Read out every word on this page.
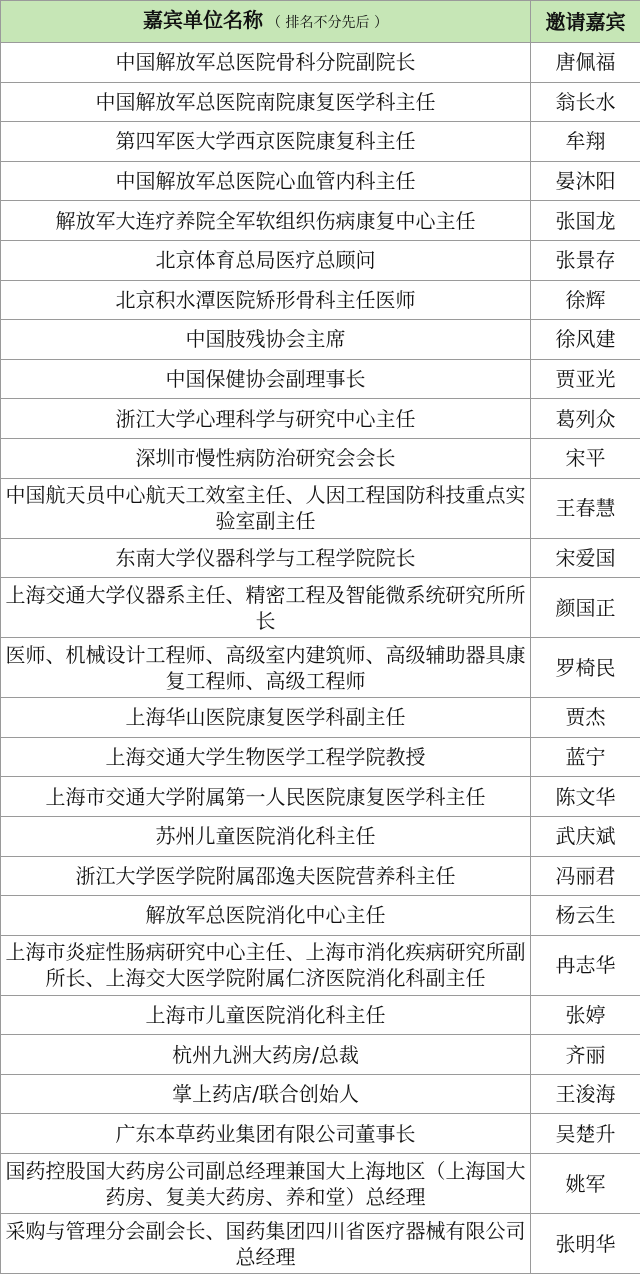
嘉宾单位名称 （ 排名不分先后 ）	邀请嘉宾
中国解放军总医院骨科分院副院长	唐佩福
中国解放军总医院南院康复医学科主任	翁长水
第四军医大学西京医院康复科主任	牟翔
中国解放军总医院心血管内科主任	晏沐阳
解放军大连疗养院全军软组织伤病康复中心主任	张国龙
北京体育总局医疗总顾问	张景存
北京积水潭医院矫形骨科主任医师	徐辉
中国肢残协会主席	徐风建
中国保健协会副理事长	贾亚光
浙江大学心理科学与研究中心主任	葛列众
深圳市慢性病防治研究会会长	宋平
中国航天员中心航天工效室主任、人因工程国防科技重点实验室副主任	王春慧
东南大学仪器科学与工程学院院长	宋爱国
上海交通大学仪器系主任、精密工程及智能微系统研究所所长	颜国正
医师、机械设计工程师、高级室内建筑师、高级辅助器具康复工程师、高级工程师	罗椅民
上海华山医院康复医学科副主任	贾杰
上海交通大学生物医学工程学院教授	蓝宁
上海市交通大学附属第一人民医院康复医学科主任	陈文华
苏州儿童医院消化科主任	武庆斌
浙江大学医学院附属邵逸夫医院营养科主任	冯丽君
解放军总医院消化中心主任	杨云生
上海市炎症性肠病研究中心主任、上海市消化疾病研究所副所长、上海交大医学院附属仁济医院消化科副主任	冉志华
上海市儿童医院消化科主任	张婷
杭州九洲大药房/总裁	齐丽
掌上药店/联合创始人	王浚海
广东本草药业集团有限公司董事长	吴楚升
国药控股国大药房公司副总经理兼国大上海地区（上海国大药房、复美大药房、养和堂）总经理	姚军
采购与管理分会副会长、国药集团四川省医疗器械有限公司总经理	张明华
